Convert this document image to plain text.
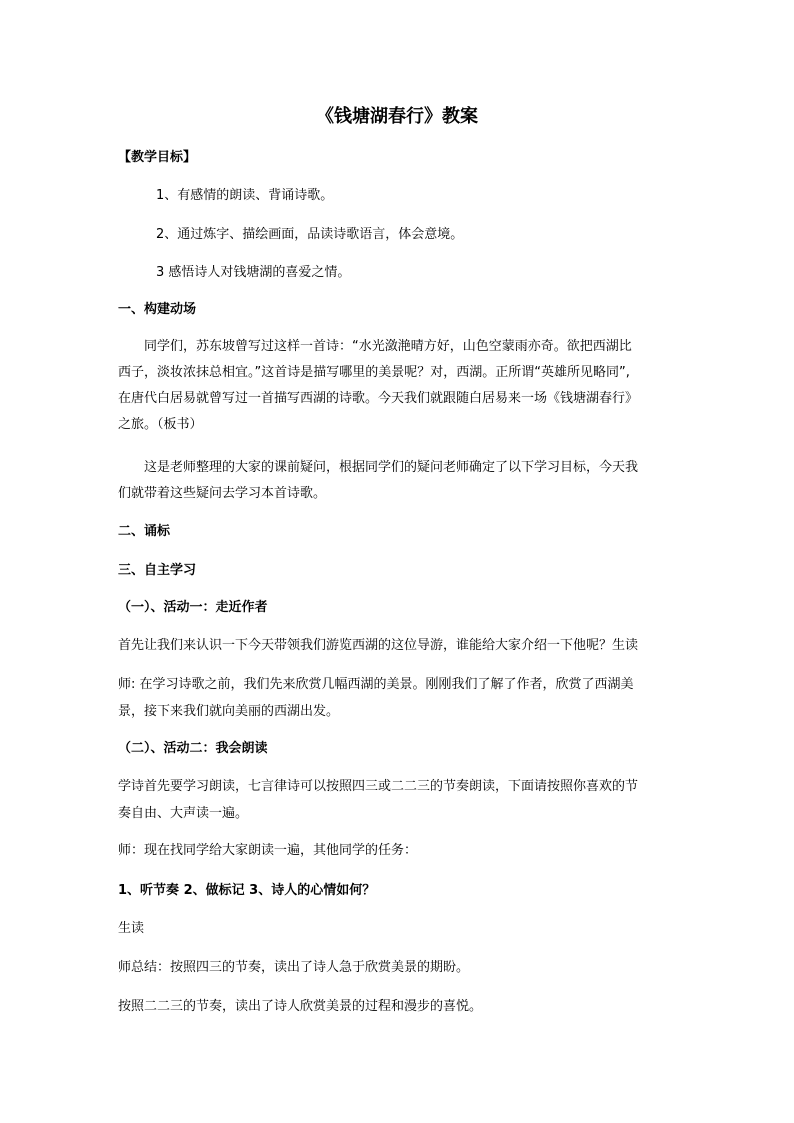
《钱塘湖春行》教案
【教学目标】
1、有感情的朗读、背诵诗歌。
2、通过炼字、描绘画面，品读诗歌语言，体会意境。
3 感悟诗人对钱塘湖的喜爱之情。
一、构建动场
同学们，苏东坡曾写过这样一首诗：“水光潋滟晴方好，山色空蒙雨亦奇。欲把西湖比
西子，淡妆浓抹总相宜。”这首诗是描写哪里的美景呢？对，西湖。正所谓“英雄所见略同”,
在唐代白居易就曾写过一首描写西湖的诗歌。今天我们就跟随白居易来一场《钱塘湖春行》
之旅。（板书）
这是老师整理的大家的课前疑问，根据同学们的疑问老师确定了以下学习目标，今天我
们就带着这些疑问去学习本首诗歌。
二、诵标
三、自主学习
（一）、活动一：走近作者
首先让我们来认识一下今天带领我们游览西湖的这位导游，谁能给大家介绍一下他呢？生读
师: 在学习诗歌之前，我们先来欣赏几幅西湖的美景。刚刚我们了解了作者，欣赏了西湖美
景，接下来我们就向美丽的西湖出发。
（二）、活动二：我会朗读
学诗首先要学习朗读，七言律诗可以按照四三或二二三的节奏朗读，下面请按照你喜欢的节
奏自由、大声读一遍。
师：现在找同学给大家朗读一遍，其他同学的任务：
1、听节奏 2、做标记 3、诗人的心情如何？
生读
师总结：按照四三的节奏，读出了诗人急于欣赏美景的期盼。
按照二二三的节奏，读出了诗人欣赏美景的过程和漫步的喜悦。
